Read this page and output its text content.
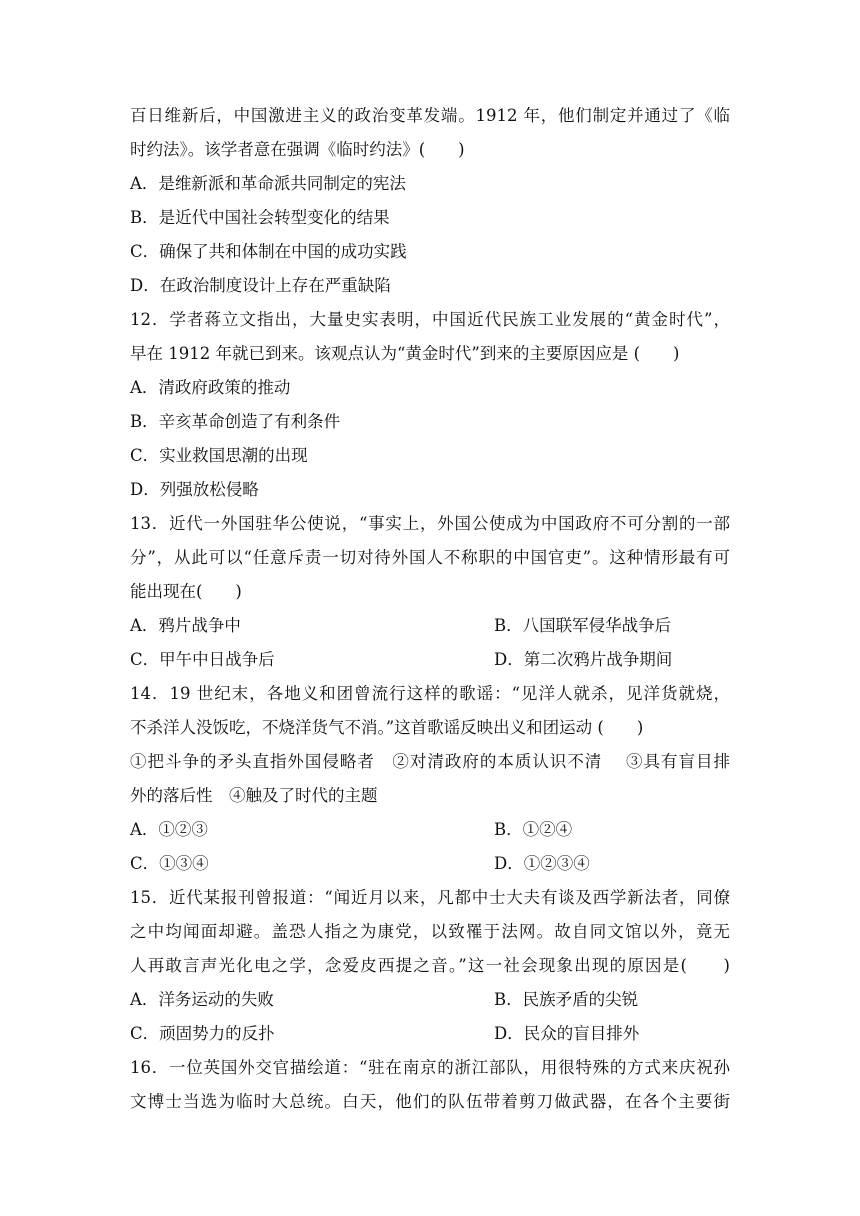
百日维新后，中国激进主义的政治变革发端。1912 年，他们制定并通过了《临
时约法》。该学者意在强调《临时约法》(　　)
A．是维新派和革命派共同制定的宪法
B．是近代中国社会转型变化的结果
C．确保了共和体制在中国的成功实践
D．在政治制度设计上存在严重缺陷
12．学者蒋立文指出，大量史实表明，中国近代民族工业发展的“黄金时代”，
早在 1912 年就已到来。该观点认为“黄金时代”到来的主要原因应是 (　　)
A．清政府政策的推动
B．辛亥革命创造了有利条件
C．实业救国思潮的出现
D．列强放松侵略
13．近代一外国驻华公使说，“事实上，外国公使成为中国政府不可分割的一部
分”，从此可以“任意斥责一切对待外国人不称职的中国官吏”。这种情形最有可
能出现在(　　)
A．鸦片战争中	B．八国联军侵华战争后
C．甲午中日战争后	D．第二次鸦片战争期间
14．19 世纪末，各地义和团曾流行这样的歌谣：“见洋人就杀，见洋货就烧，
不杀洋人没饭吃，不烧洋货气不消。”这首歌谣反映出义和团运动 (　　)
①把斗争的矛头直指外国侵略者　②对清政府的本质认识不清　 ③具有盲目排
外的落后性　④触及了时代的主题
A．①②③	B．①②④
C．①③④	D．①②③④
15．近代某报刊曾报道：“闻近月以来，凡都中士大夫有谈及西学新法者，同僚
之中均闻面却避。盖恐人指之为康党，以致罹于法网。故自同文馆以外，竟无
人再敢言声光化电之学，念爱皮西提之音。”这一社会现象出现的原因是(　　)
A．洋务运动的失败	B．民族矛盾的尖锐
C．顽固势力的反扑	D．民众的盲目排外
16．一位英国外交官描绘道：“驻在南京的浙江部队，用很特殊的方式来庆祝孙
文博士当选为临时大总统。白天，他们的队伍带着剪刀做武器，在各个主要街
